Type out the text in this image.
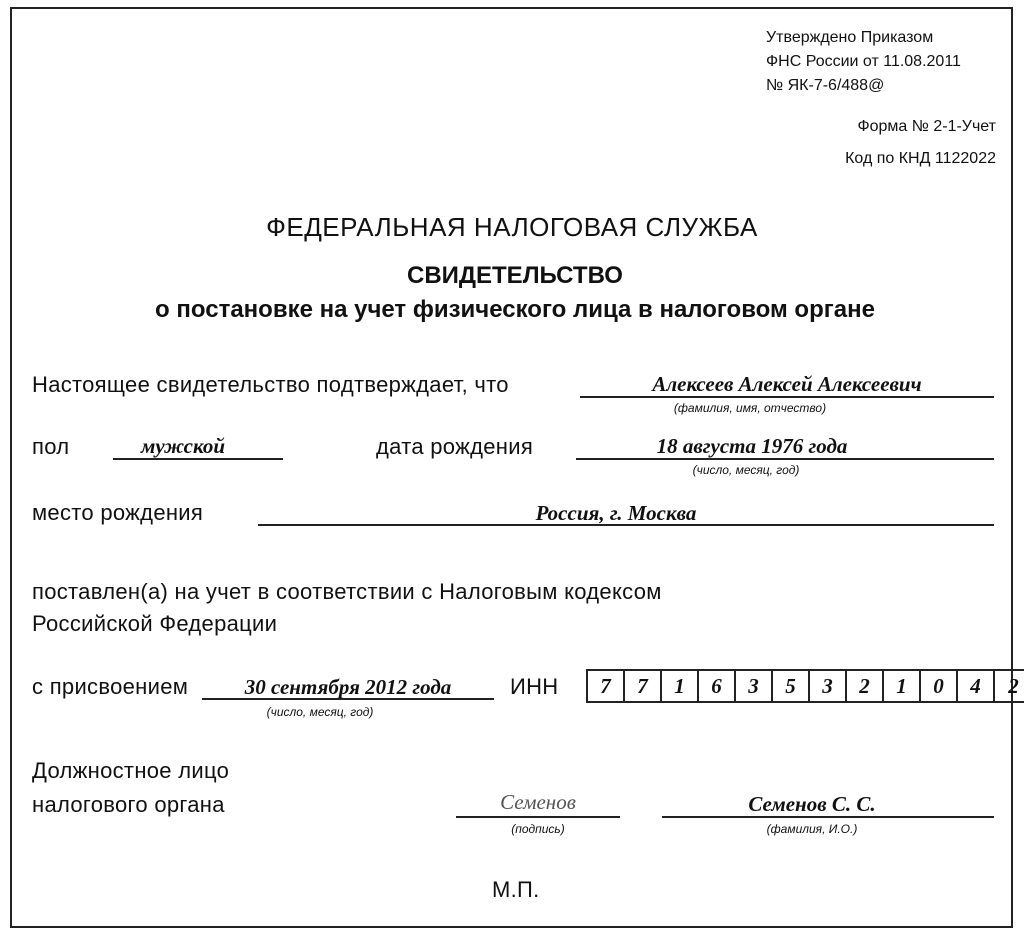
Утверждено Приказом
ФНС России от 11.08.2011
№ ЯК-7-6/488@
Форма № 2-1-Учет
Код по КНД 1122022
ФЕДЕРАЛЬНАЯ НАЛОГОВАЯ СЛУЖБА
СВИДЕТЕЛЬСТВО
о постановке на учет физического лица в налоговом органе
Настоящее свидетельство подтверждает, что	Алексеев Алексей Алексеевич
(фамилия, имя, отчество)
пол	мужской	дата рождения	18 августа 1976 года
(число, месяц, год)
место рождения	Россия, г. Москва
поставлен(а) на учет в соответствии с Налоговым кодексом
Российской Федерации
с присвоением	30 сентября 2012 года
(число, месяц, год)
ИНН	7	7	1	6	3	5	3	2	1	0	4	2
Должностное лицо
налогового органа	Семенов
(подпись)
Семенов С. С.
(фамилия, И.О.)
М.П.
